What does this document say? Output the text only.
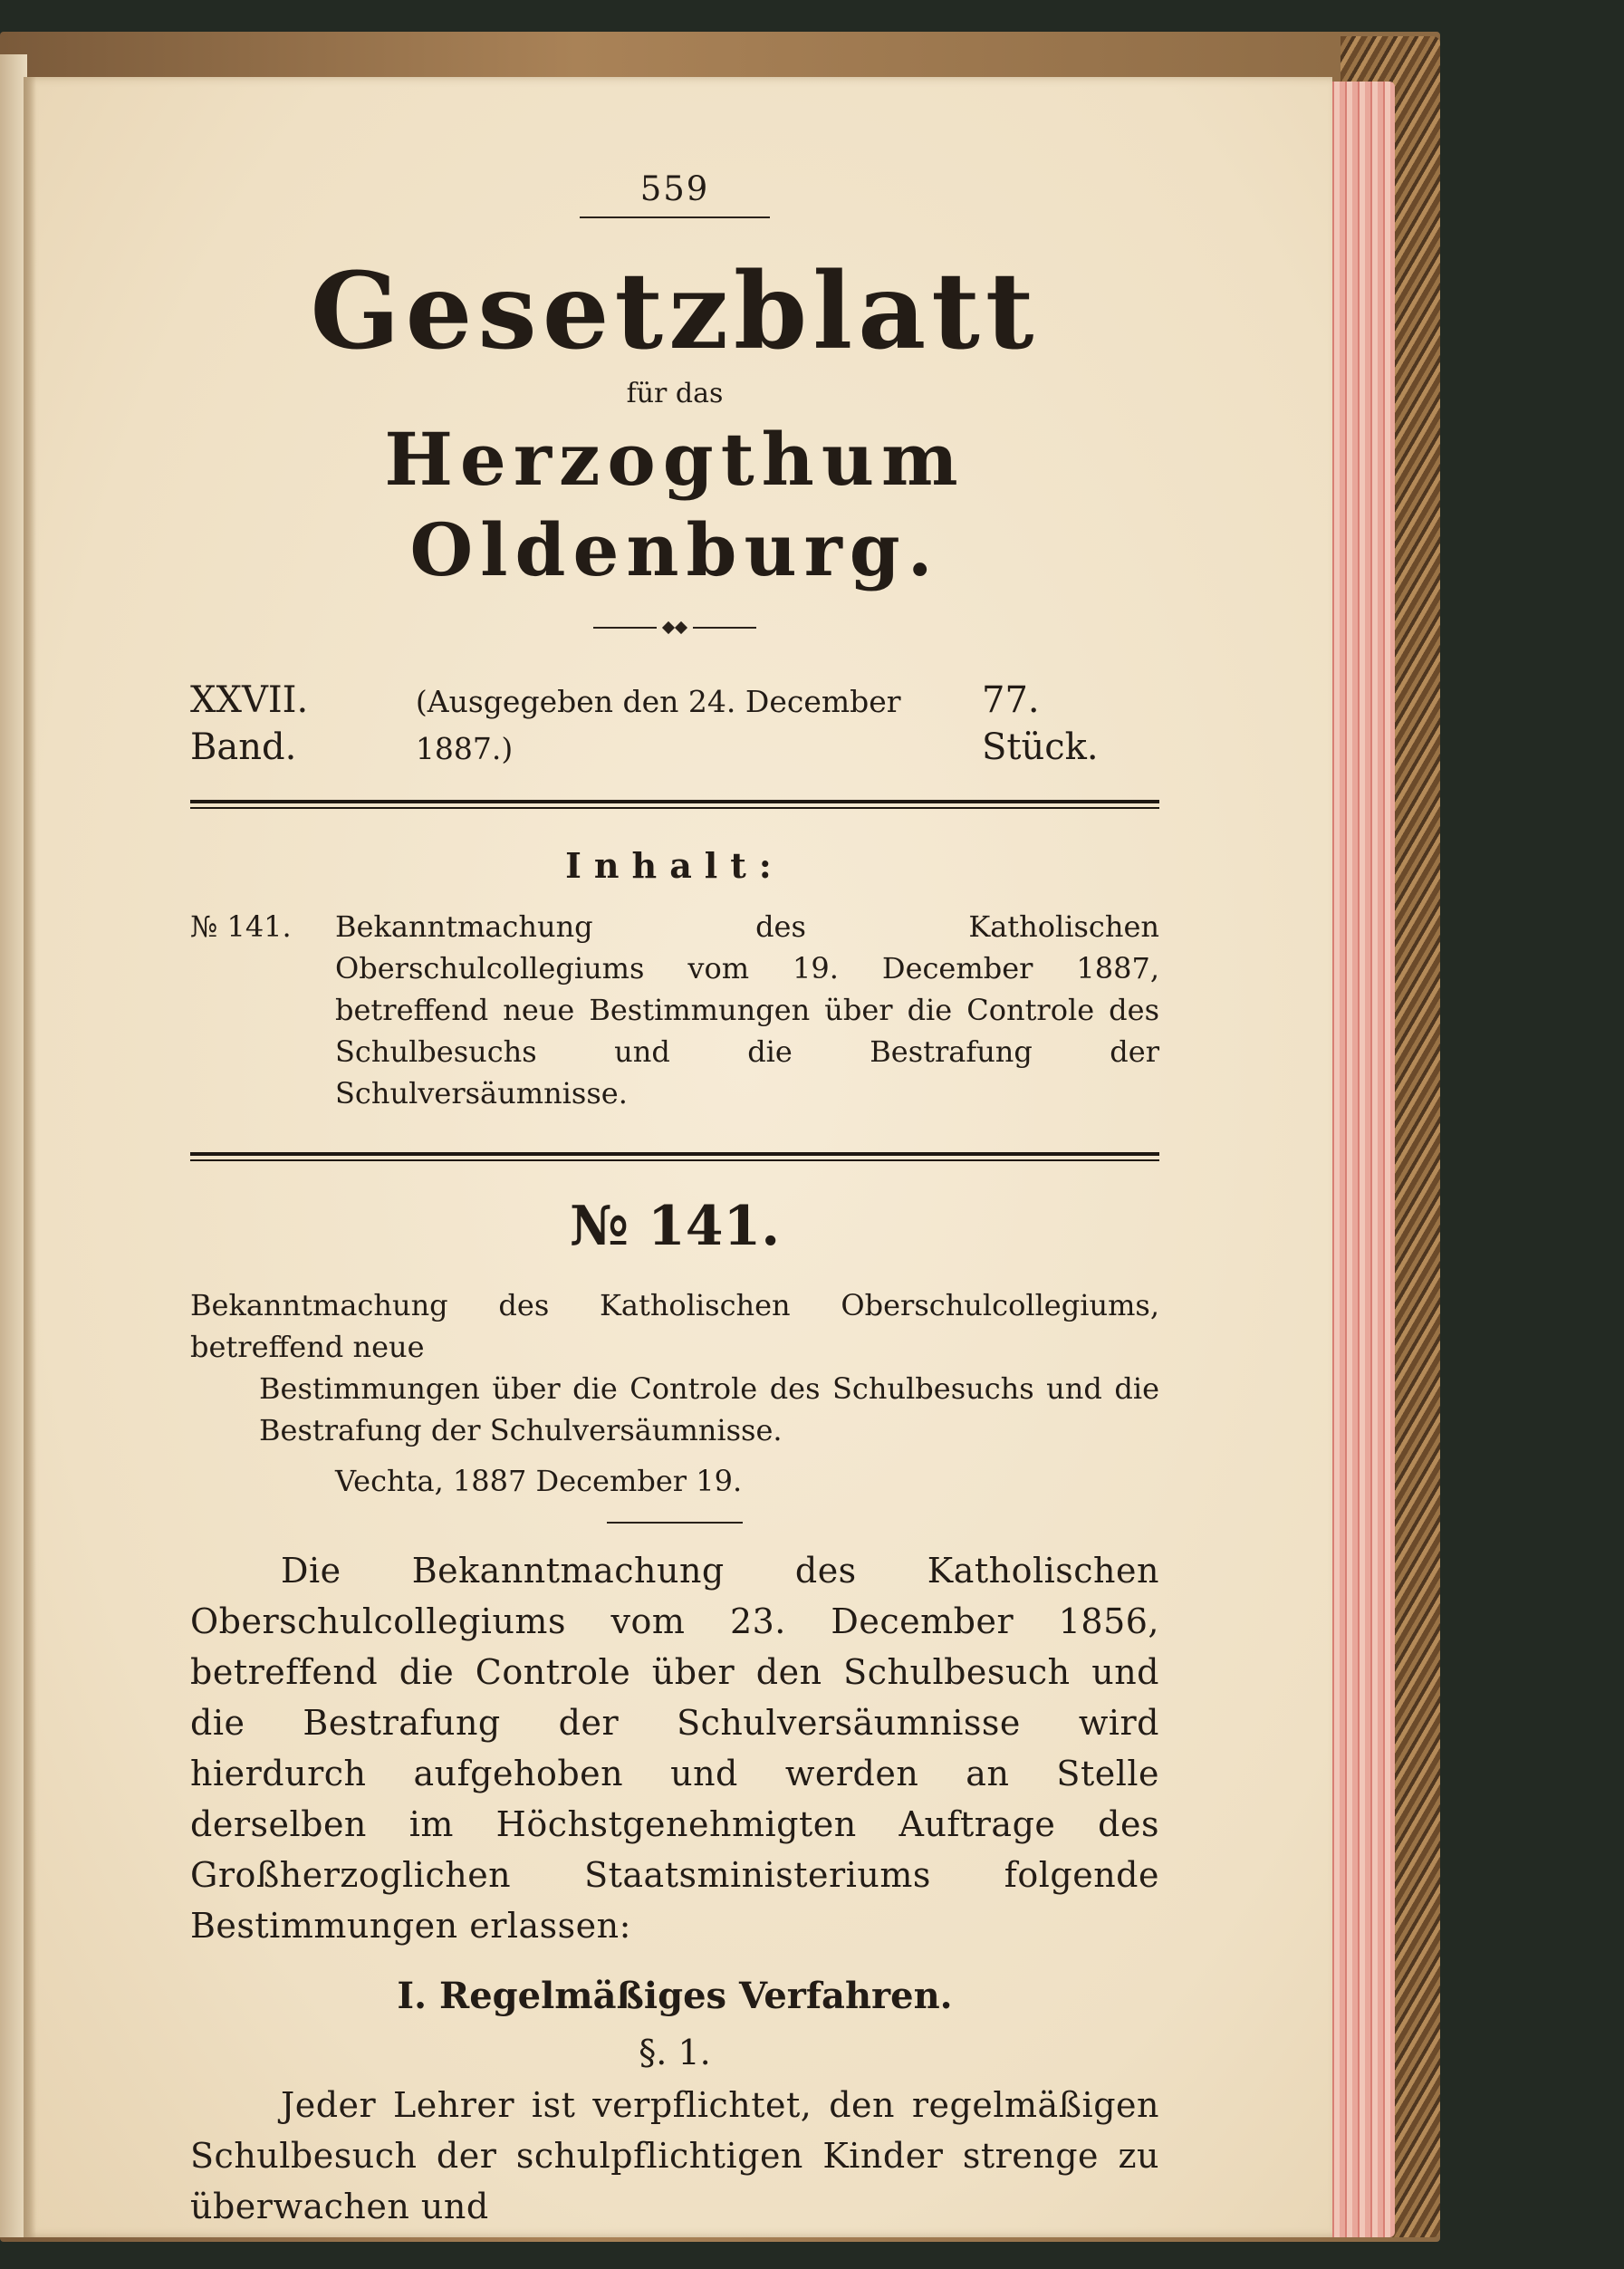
559
Gesetzblatt
für das
Herzogthum Oldenburg.
XXVII. Band.
(Ausgegeben den 24. December 1887.)
77. Stück.
Inhalt:
№ 141.	Bekanntmachung des Katholischen Oberschulcollegiums vom 19. December 1887, betreffend neue Bestimmungen über die Controle des Schulbesuchs und die Bestrafung der Schulversäumnisse.
№ 141.
Bekanntmachung des Katholischen Oberschulcollegiums, betreffend neue
Bestimmungen über die Controle des Schulbesuchs und die Bestrafung der Schulversäumnisse.
Vechta, 1887 December 19.
Die Bekanntmachung des Katholischen Oberschulcollegiums vom 23. December 1856, betreffend die Controle über den Schulbesuch und die Bestrafung der Schulversäumnisse wird hierdurch aufgehoben und werden an Stelle derselben im Höchstgenehmigten Auftrage des Großherzoglichen Staatsministeriums folgende Bestimmungen erlassen:
I. Regelmäßiges Verfahren.
§. 1.
Jeder Lehrer ist verpflichtet, den regelmäßigen Schulbesuch der schulpflichtigen Kinder strenge zu überwachen und
